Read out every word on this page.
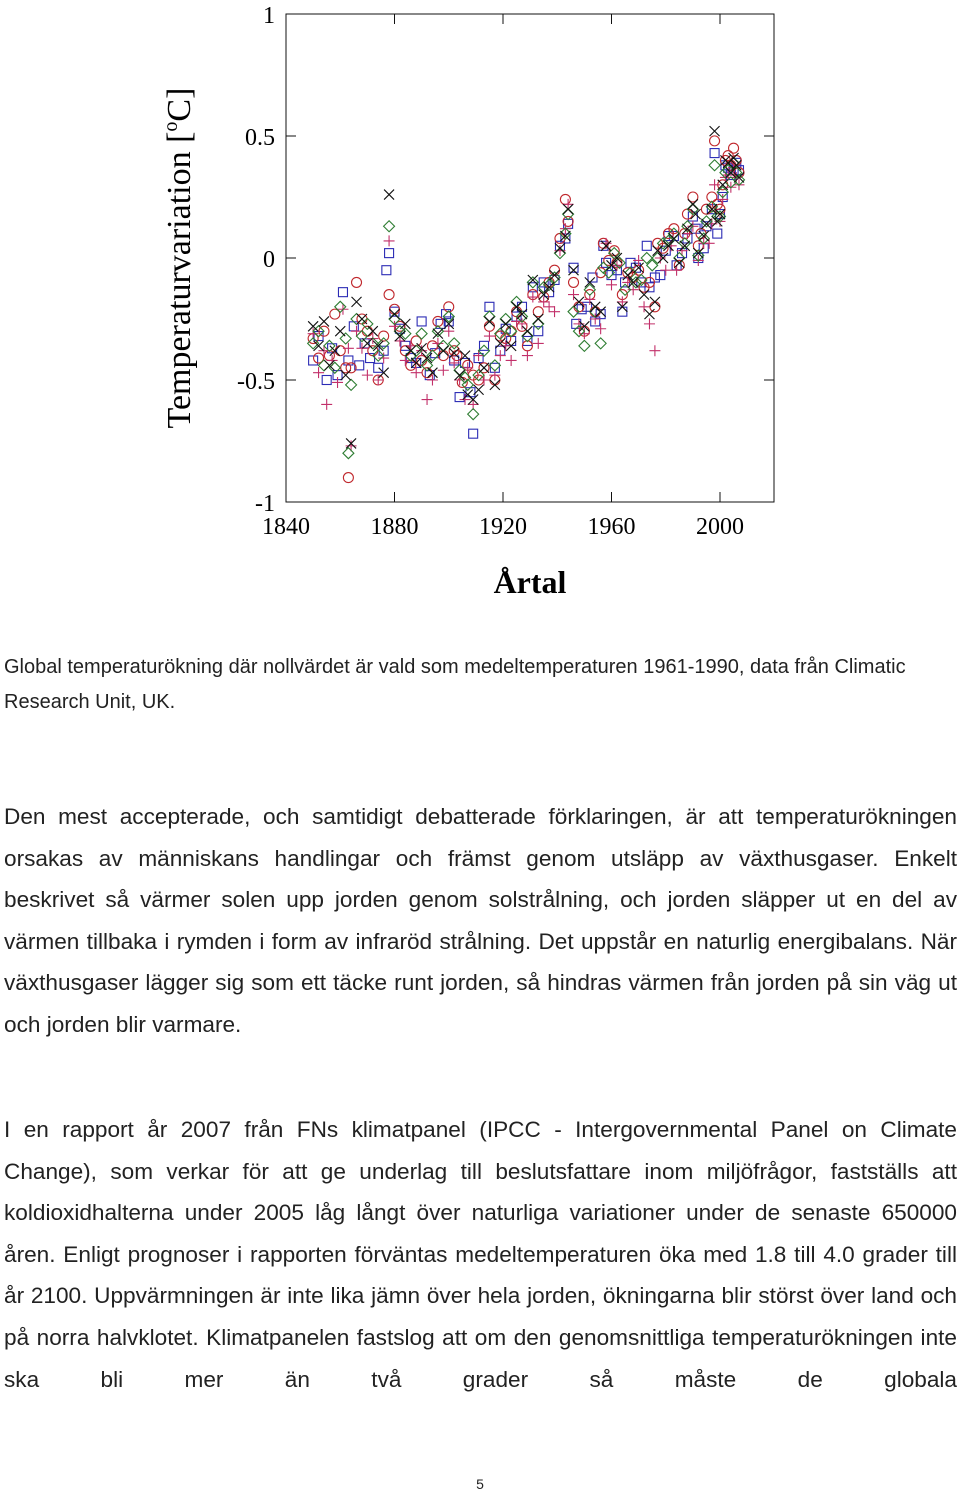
Temperaturvariation [$^o$C]
1
0.5
0
-0.5
-1
1840	1880	1920	1960	2000
Årtal

Global temperaturökning där nollvärdet är vald som medeltemperaturen 1961-1990, data från Climatic Research Unit, UK.

Den mest accepterade, och samtidigt debatterade förklaringen, är att temperaturökningen orsakas av människans handlingar och främst genom utsläpp av växthusgaser. Enkelt beskrivet så värmer solen upp jorden genom solstrålning, och jorden släpper ut en del av värmen tillbaka i rymden i form av infraröd strålning. Det uppstår en naturlig energibalans. När växthusgaser lägger sig som ett täcke runt jorden, så hindras värmen från jorden på sin väg ut och jorden blir varmare.

I en rapport år 2007 från FNs klimatpanel (IPCC - Intergovernmental Panel on Climate Change), som verkar för att ge underlag till beslutsfattare inom miljöfrågor, fastställs att koldioxidhalterna under 2005 låg långt över naturliga variationer under de senaste 650000 åren. Enligt prognoser i rapporten förväntas medeltemperaturen öka med 1.8 till 4.0 grader till år 2100. Uppvärmningen är inte lika jämn över hela jorden, ökningarna blir störst över land och på norra halvklotet. Klimatpanelen fastslog att om den genomsnittliga temperaturökningen inte ska bli mer än två grader så måste de globala

5
